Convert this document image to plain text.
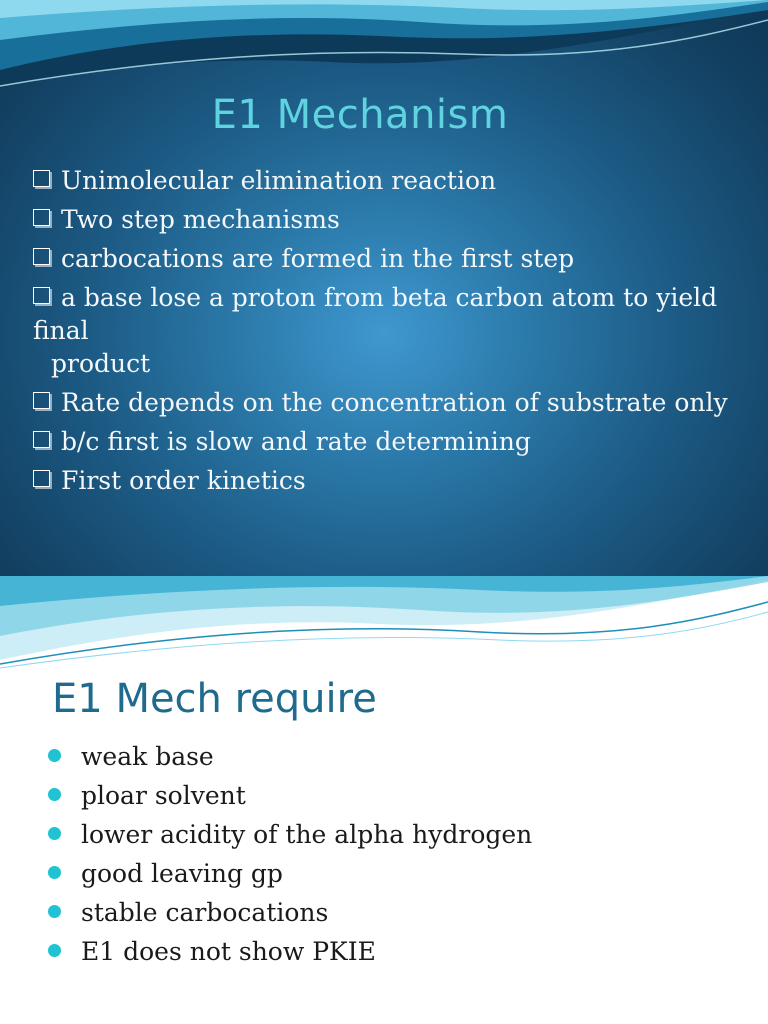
E1 Mechanism
Unimolecular elimination reaction
Two step mechanisms
carbocations are formed in the first step
a base lose a proton from beta carbon atom to yield final
product
Rate depends on the concentration of substrate only
b/c first is slow and rate determining
First order kinetics
E1 Mech require
weak base
ploar solvent
lower acidity of the alpha hydrogen
good leaving gp
stable carbocations
E1 does not show PKIE
